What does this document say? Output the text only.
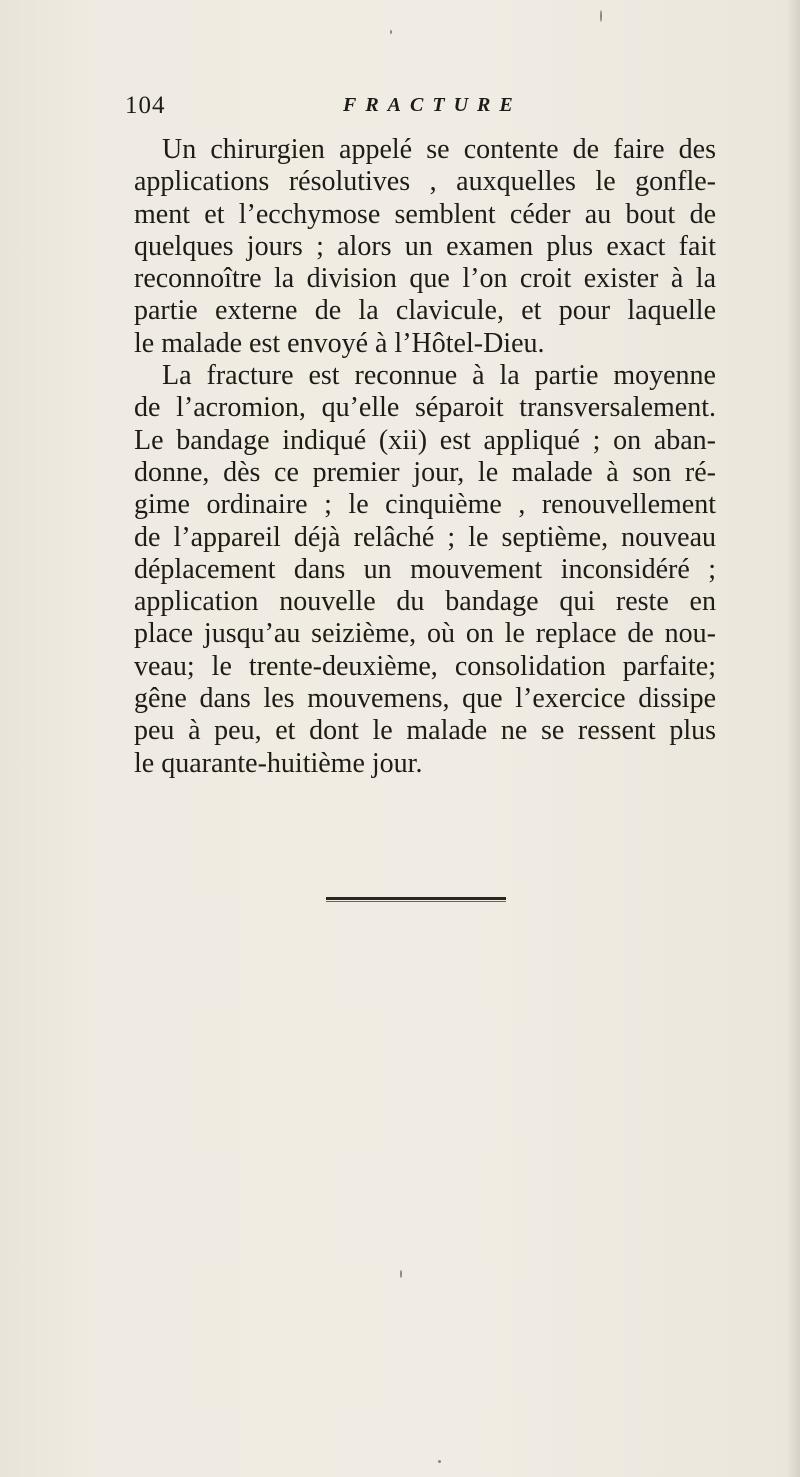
104	FRACTURE

Un chirurgien appelé se contente de faire des
applications résolutives , auxquelles le gonfle-
ment et l’ecchymose semblent céder au bout de
quelques jours ; alors un examen plus exact fait
reconnoître la division que l’on croit exister à la
partie externe de la clavicule, et pour laquelle
le malade est envoyé à l’Hôtel-Dieu.

La fracture est reconnue à la partie moyenne
de l’acromion, qu’elle séparoit transversalement.
Le bandage indiqué (xii) est appliqué ; on aban-
donne, dès ce premier jour, le malade à son ré-
gime ordinaire ; le cinquième , renouvellement
de l’appareil déjà relâché ; le septième, nouveau
déplacement dans un mouvement inconsidéré ;
application nouvelle du bandage qui reste en
place jusqu’au seizième, où on le replace de nou-
veau; le trente-deuxième, consolidation parfaite;
gêne dans les mouvemens, que l’exercice dissipe
peu à peu, et dont le malade ne se ressent plus
le quarante-huitième jour.
